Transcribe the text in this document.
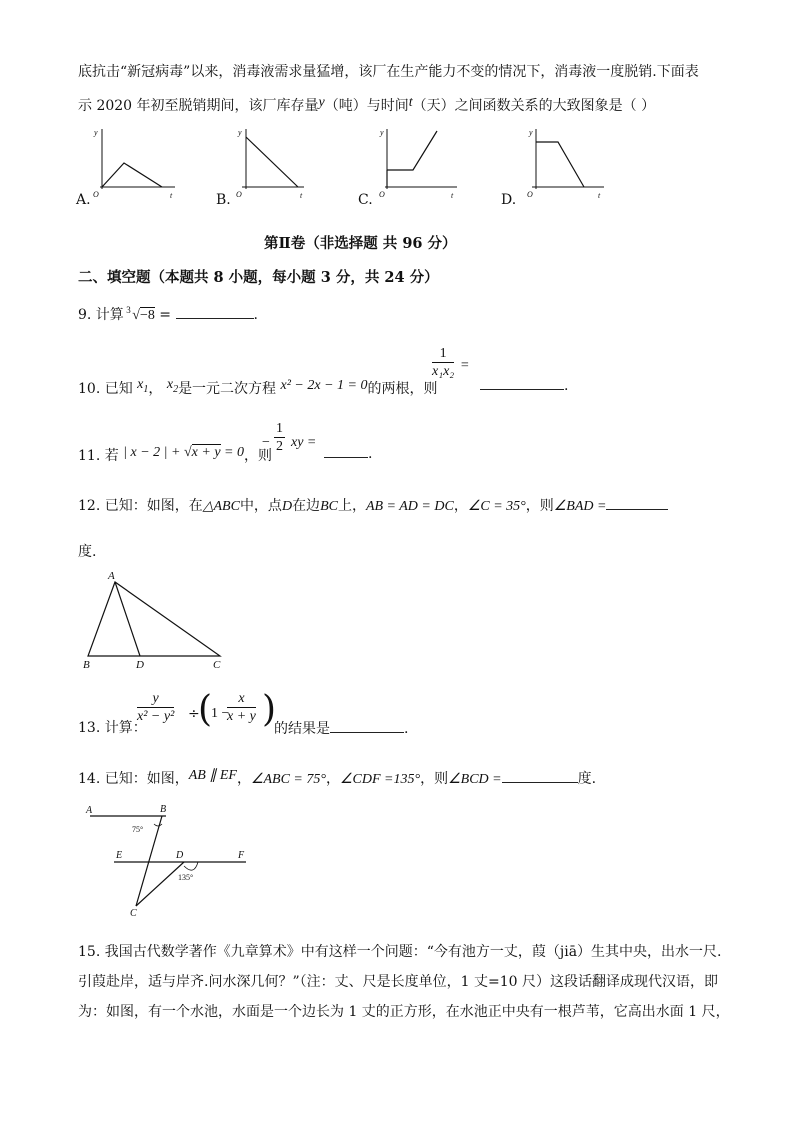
底抗击“新冠病毒”以来，消毒液需求量猛增，该厂在生产能力不变的情况下，消毒液一度脱销.下面表
示 2020 年初至脱销期间，该厂库存量y（吨）与时间t（天）之间函数关系的大致图象是（ ）
y
t
O
A.
y
t
O
B.
y
t
O
C.
y
t
O
D.
第Ⅱ卷（非选择题 共 96 分）
二、填空题（本题共 8 小题，每小题 3 分，共 24 分）
9. 计算 3 √−8 =	.
10. 已知 $x_1$， $x_2$是一元二次方程 x² − 2x − 1 = 0的两根，则
$\frac{1}{\text{x₁x₂}}$ =
.
11. 若 | x − 2 | + √x + y = 0，则
− $\frac{1}{2}$ xy =
.
12. 已知：如图，在△ABC中，点D在边BC上，AB = AD = DC，∠C = 35°，则∠BAD =
度.
A
B	D	C
13. 计算：
$\frac{y}{\text{x² − y²}}$ ÷
(
1 −
$\frac{x}{x + y}$ )
的结果是	.
14. 已知：如图，AB ∥ EF，∠ABC = 75°，∠CDF =135°，则∠BCD =	度.
A	B
E	D	F
C
75°
135°
15. 我国古代数学著作《九章算术》中有这样一个问题：“今有池方一丈，葭（jiā）生其中央，出水一尺.
引葭赴岸，适与岸齐.问水深几何？”（注：丈、尺是长度单位，1 丈=10 尺）这段话翻译成现代汉语，即
为：如图，有一个水池，水面是一个边长为 1 丈的正方形，在水池正中央有一根芦苇，它高出水面 1 尺，
